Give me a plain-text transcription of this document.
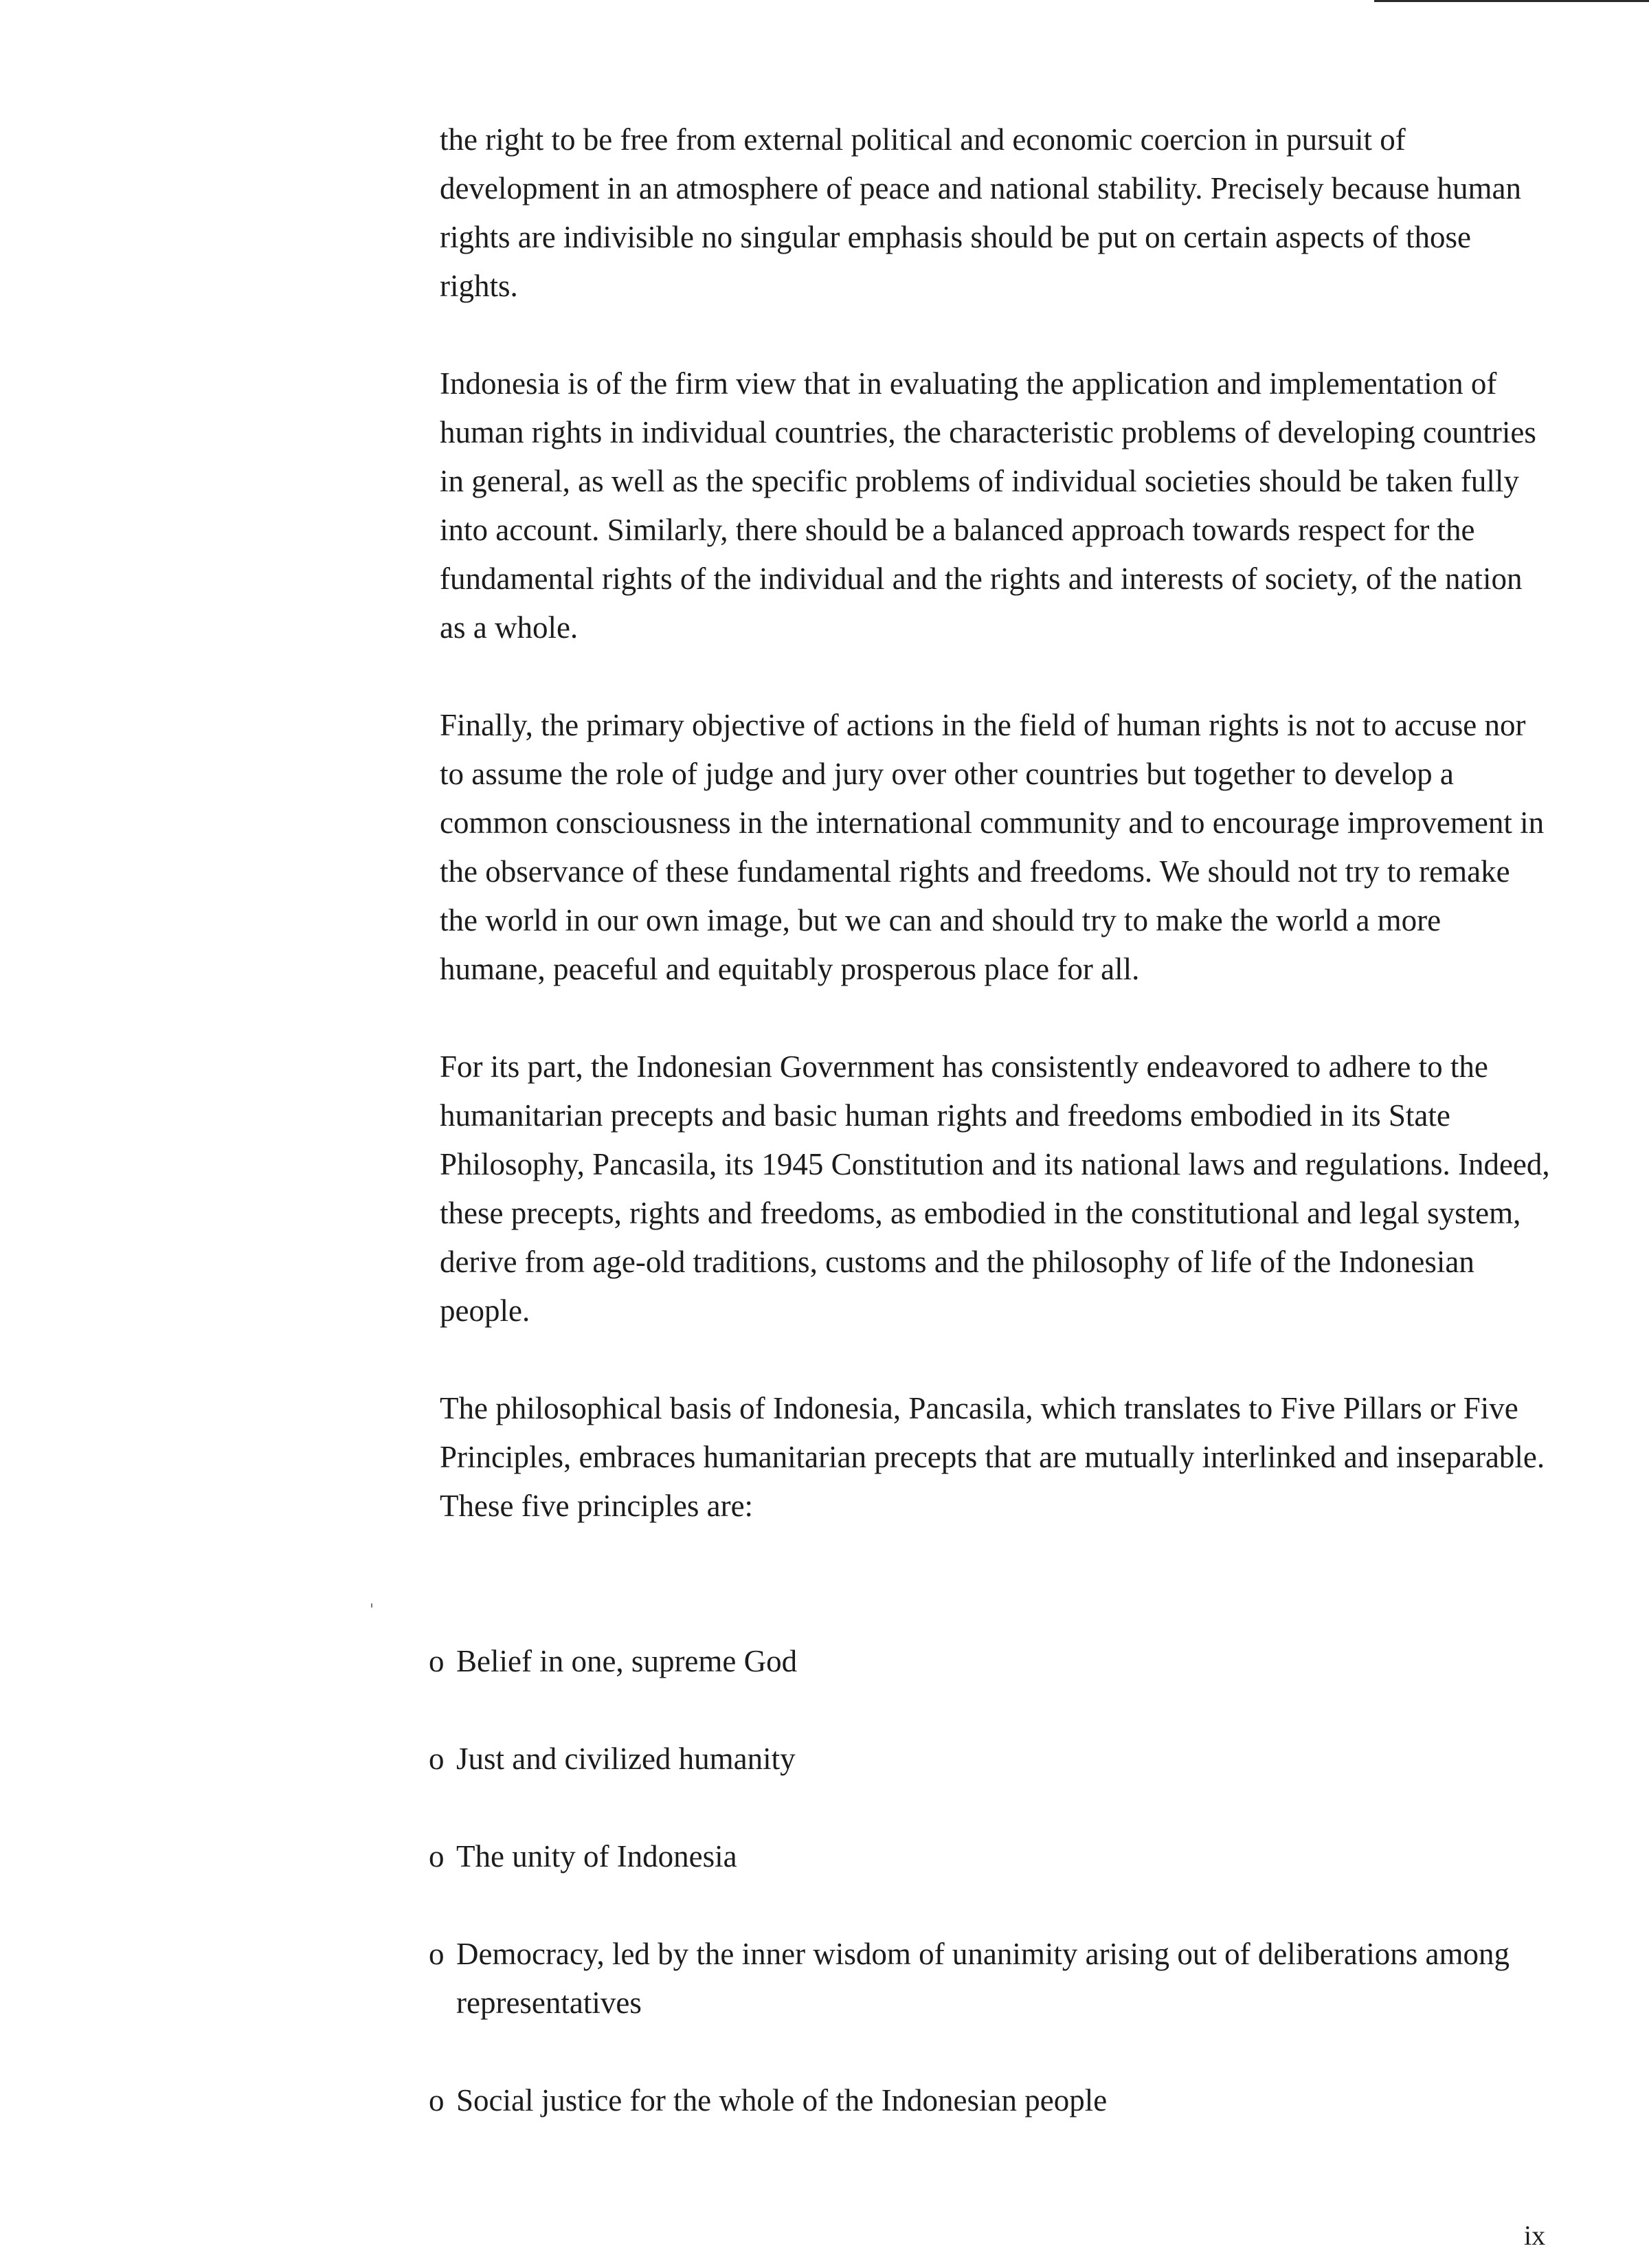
the right to be free from external political and economic coercion in pursuit of development in an atmosphere of peace and national stability. Precisely because human rights are indivisible no singular emphasis should be put on certain aspects of those rights.

Indonesia is of the firm view that in evaluating the application and implementation of human rights in individual countries, the characteristic problems of developing countries in general, as well as the specific problems of individual societies should be taken fully into account. Similarly, there should be a balanced approach towards respect for the fundamental rights of the individual and the rights and interests of society, of the nation as a whole.

Finally, the primary objective of actions in the field of human rights is not to accuse nor to assume the role of judge and jury over other countries but together to develop a common consciousness in the international community and to encourage improvement in the observance of these fundamental rights and freedoms. We should not try to remake the world in our own image, but we can and should try to make the world a more humane, peaceful and equitably prosperous place for all.

For its part, the Indonesian Government has consistently endeavored to adhere to the humanitarian precepts and basic human rights and freedoms embodied in its State Philosophy, Pancasila, its 1945 Constitution and its national laws and regulations. Indeed, these precepts, rights and freedoms, as embodied in the constitutional and legal system, derive from age-old traditions, customs and the philosophy of life of the Indonesian people.

The philosophical basis of Indonesia, Pancasila, which translates to Five Pillars or Five Principles, embraces humanitarian precepts that are mutually interlinked and inseparable. These five principles are:

o Belief in one, supreme God
o Just and civilized humanity
o The unity of Indonesia
o Democracy, led by the inner wisdom of unanimity arising out of deliberations among representatives
o Social justice for the whole of the Indonesian people
ix
